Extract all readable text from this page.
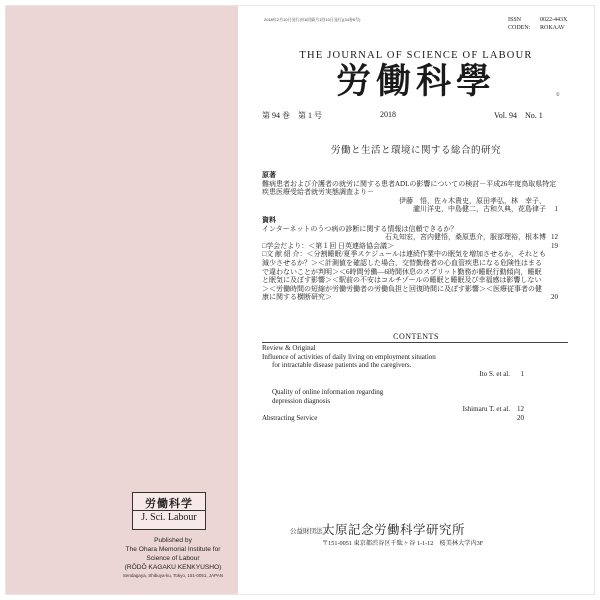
労働科学
J. Sci. Labour
Published by
The Ohara Memorial Institute for
Science of Labour
(RŌDŌ KAGAKU KENKYUSHO)
Sendagaya, Shibuya-ku, Tokyo, 151-0051, JAPAN
2018年2月10日発行(年6回隔月1回10日発行)(34巻6号)	ISSN	0022-443X
CODEN: ROKAAV
THE JOURNAL OF SCIENCE OF LABOUR
労働科學	©
第 94 巻　第 1 号	2018	Vol. 94　No. 1
労働と生活と環境に関する総合的研究
原著
難病患者および介護者の就労に関する患者ADLの影響についての検討－平成26年度鳥取県特定疾患医療受給者就労実態調査より－
伊藤　悟，佐々木貴史，原田孝弘，林　幸子，
瀧川洋史，中島健二，古和久典，花島律子 1
資料
インターネットのうつ病の診断に関する情報は信頼できるか？
石丸知宏，宮内健悟，桑原恵介，服部理裕，根本博 12
□学会だより：＜第１回 日英連絡協会議＞	19
□文 献 紹 介：＜分割睡眠/夏季スケジュールは連続作業中の眠気を増加させるか，それとも減少させるか？＞＜計測値を確認した場合，交替勤務者の心血管疾患になる危険性はまるで違わないことが判明＞＜6時間労働―6時間休息のスプリット勤務が睡眠行動傾向，睡眠と眠気に及ぼす影響＞＜駅前の不安はコルチゾールの睡眠と睡眠及び幸福感は影響しない＞＜労働時間の短縮が労働労働者の労働負担と回復時間に及ぼす影響＞＜医療従事者の健康に関する横断研究＞	20
CONTENTS
Review & Original
Influence of activities of daily living on employment situation
for intractable disease patients and the caregivers.
Ito S. et al. 1
Quality of online information regarding
depression diagnosis
Ishimaru T. et al. 12
Abstracting Service	20
公益財団法人
大原記念労働科学研究所
〒151-0051 東京都渋谷区千駄ヶ谷 1-1-12　桜美林大学内3F
